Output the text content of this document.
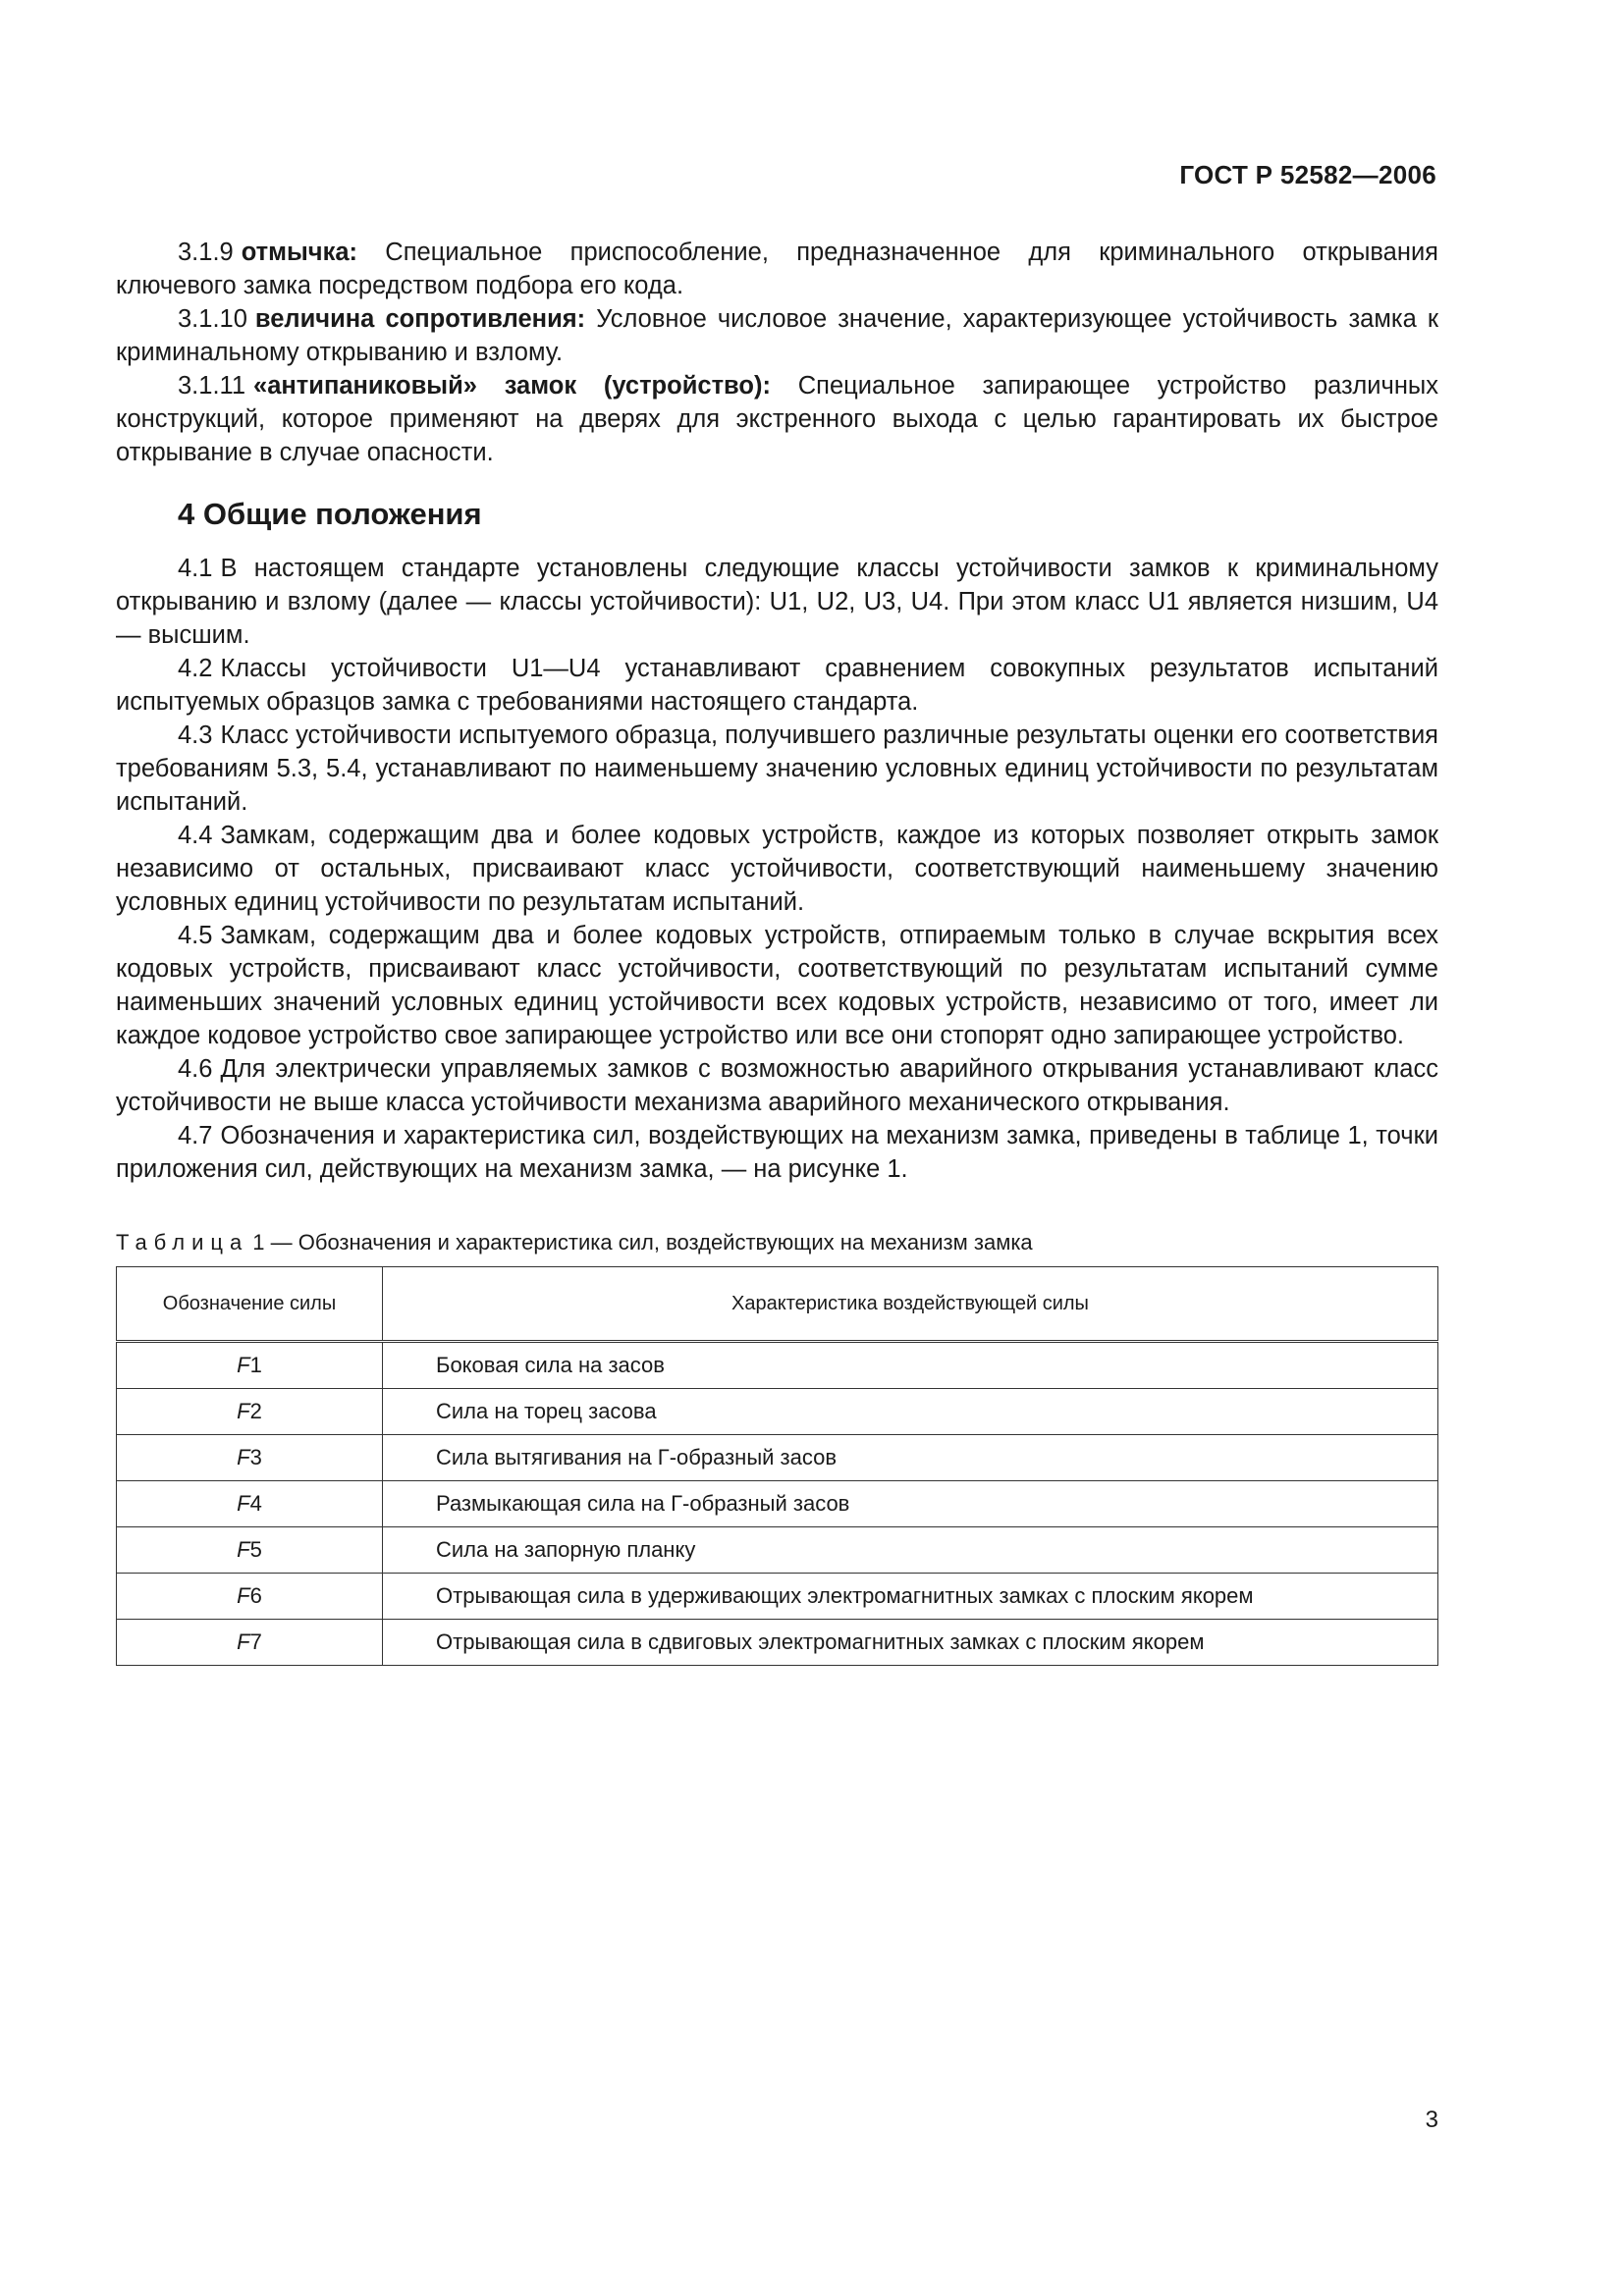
ГОСТ Р 52582—2006

3.1.9 отмычка: Специальное приспособление, предназначенное для криминального открывания ключевого замка посредством подбора его кода.

3.1.10 величина сопротивления: Условное числовое значение, характеризующее устойчивость замка к криминальному открыванию и взлому.

3.1.11 «антипаниковый» замок (устройство): Специальное запирающее устройство различных конструкций, которое применяют на дверях для экстренного выхода с целью гарантировать их быстрое открывание в случае опасности.

4 Общие положения

4.1 В настоящем стандарте установлены следующие классы устойчивости замков к криминальному открыванию и взлому (далее — классы устойчивости): U1, U2, U3, U4. При этом класс U1 является низшим, U4 — высшим.

4.2 Классы устойчивости U1—U4 устанавливают сравнением совокупных результатов испытаний испытуемых образцов замка с требованиями настоящего стандарта.

4.3 Класс устойчивости испытуемого образца, получившего различные результаты оценки его соответствия требованиям 5.3, 5.4, устанавливают по наименьшему значению условных единиц устойчивости по результатам испытаний.

4.4 Замкам, содержащим два и более кодовых устройств, каждое из которых позволяет открыть замок независимо от остальных, присваивают класс устойчивости, соответствующий наименьшему значению условных единиц устойчивости по результатам испытаний.

4.5 Замкам, содержащим два и более кодовых устройств, отпираемым только в случае вскрытия всех кодовых устройств, присваивают класс устойчивости, соответствующий по результатам испытаний сумме наименьших значений условных единиц устойчивости всех кодовых устройств, независимо от того, имеет ли каждое кодовое устройство свое запирающее устройство или все они стопорят одно запирающее устройство.

4.6 Для электрически управляемых замков с возможностью аварийного открывания устанавливают класс устойчивости не выше класса устойчивости механизма аварийного механического открывания.

4.7 Обозначения и характеристика сил, воздействующих на механизм замка, приведены в таблице 1, точки приложения сил, действующих на механизм замка, — на рисунке 1.

Таблица 1 — Обозначения и характеристика сил, воздействующих на механизм замка
Обозначение силы	Характеристика воздействующей силы
F1	Боковая сила на засов
F2	Сила на торец засова
F3	Сила вытягивания на Г-образный засов
F4	Размыкающая сила на Г-образный засов
F5	Сила на запорную планку
F6	Отрывающая сила в удерживающих электромагнитных замках с плоским якорем
F7	Отрывающая сила в сдвиговых электромагнитных замках с плоским якорем
3
